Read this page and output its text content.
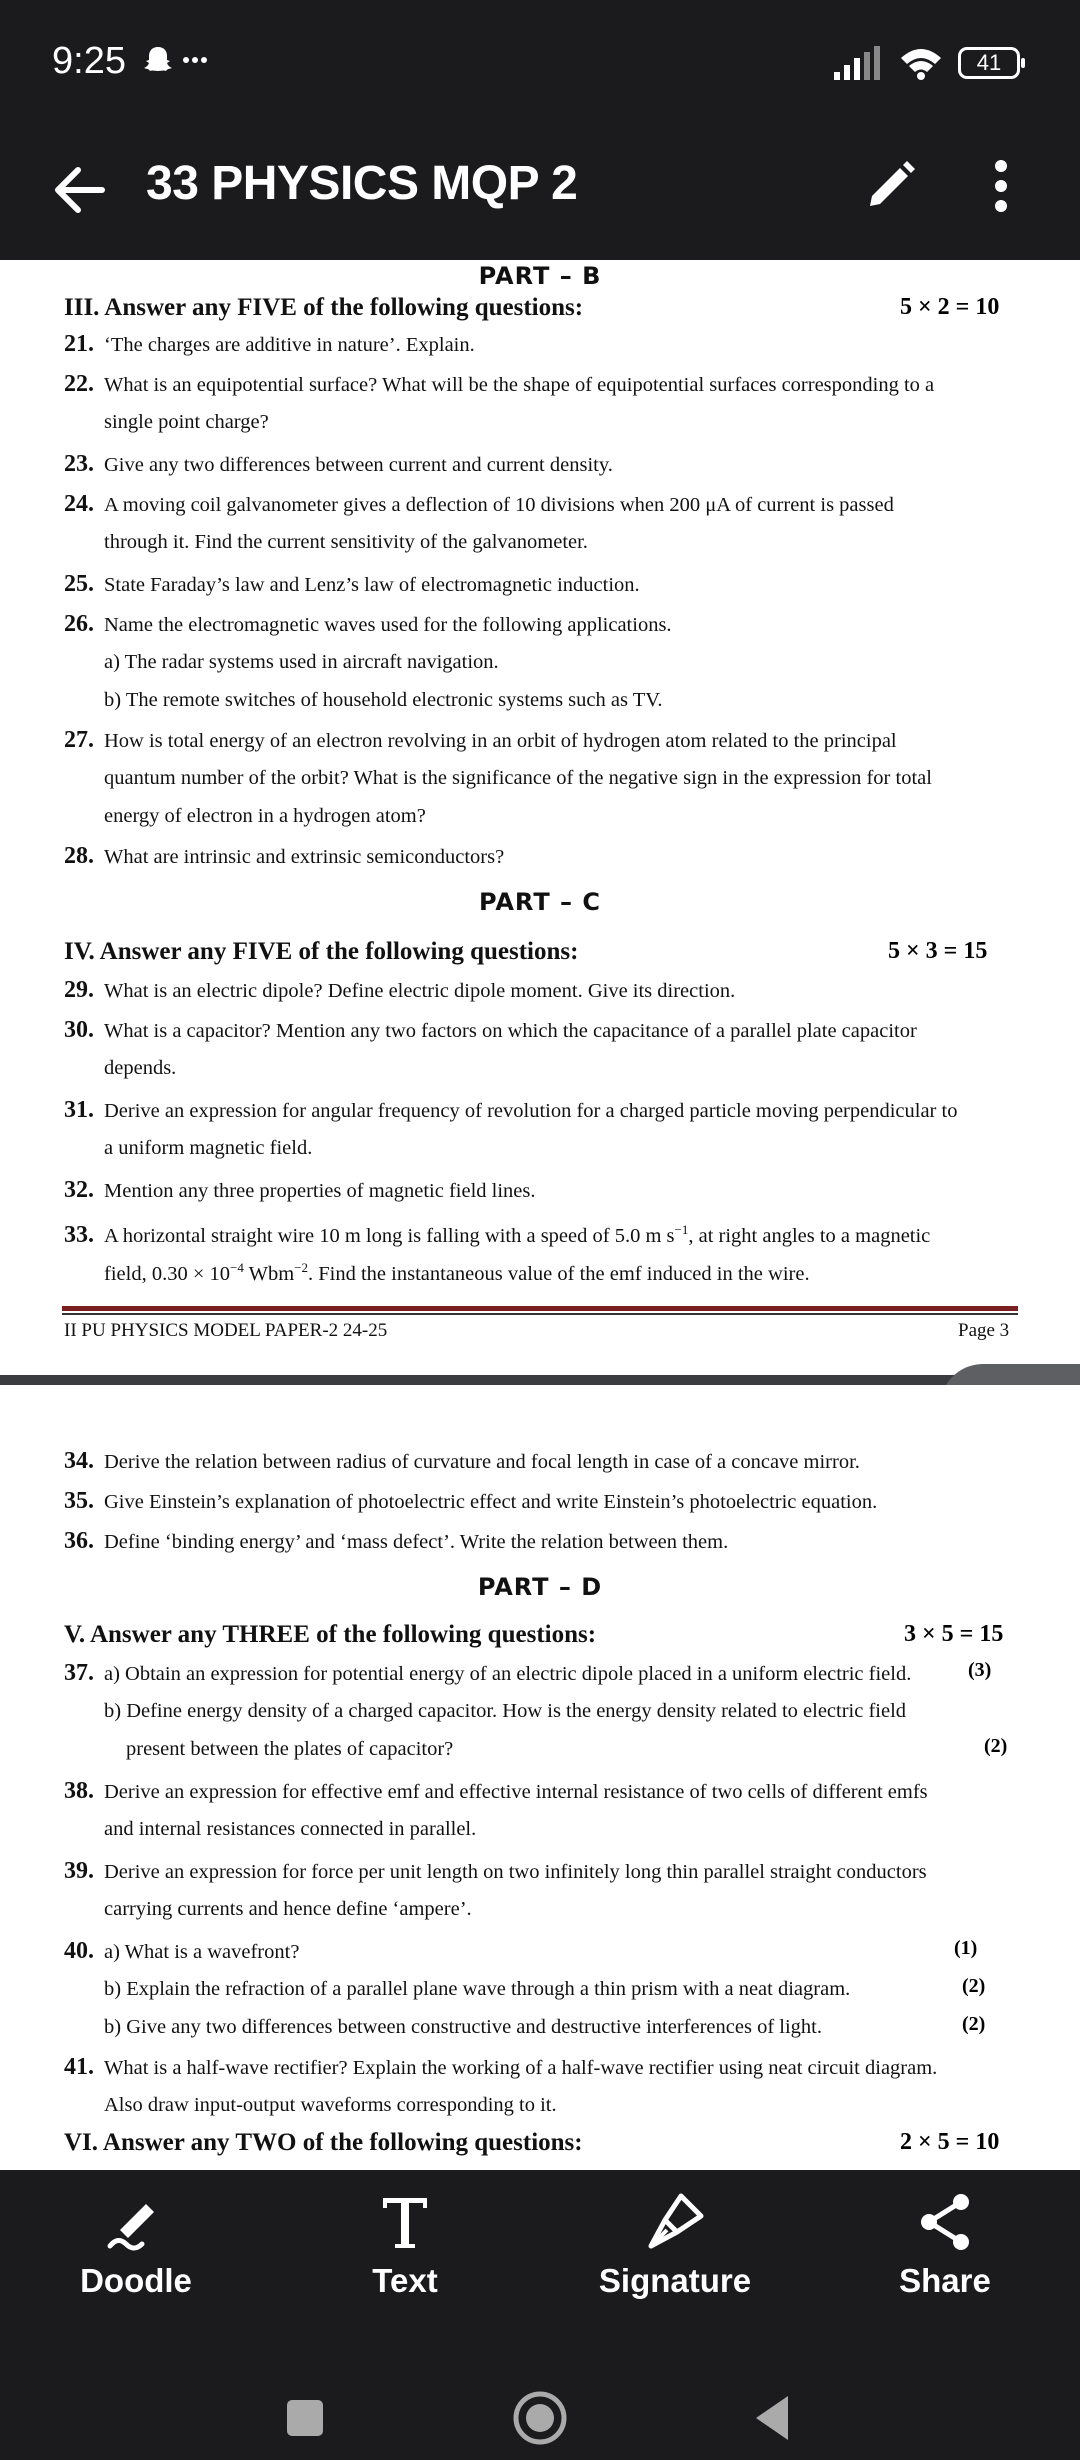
9:25	41
33 PHYSICS MQP 2
PART – B
III. Answer any FIVE of the following questions:	5 × 2 = 10
21. ‘The charges are additive in nature’. Explain.
22. What is an equipotential surface? What will be the shape of equipotential surfaces corresponding to a
single point charge?
23. Give any two differences between current and current density.
24. A moving coil galvanometer gives a deflection of 10 divisions when 200 μA of current is passed
through it. Find the current sensitivity of the galvanometer.
25. State Faraday’s law and Lenz’s law of electromagnetic induction.
26. Name the electromagnetic waves used for the following applications.
a) The radar systems used in aircraft navigation.
b) The remote switches of household electronic systems such as TV.
27. How is total energy of an electron revolving in an orbit of hydrogen atom related to the principal
quantum number of the orbit? What is the significance of the negative sign in the expression for total
energy of electron in a hydrogen atom?
28. What are intrinsic and extrinsic semiconductors?
PART – C
IV. Answer any FIVE of the following questions:	5 × 3 = 15
29. What is an electric dipole? Define electric dipole moment. Give its direction.
30. What is a capacitor? Mention any two factors on which the capacitance of a parallel plate capacitor
depends.
31. Derive an expression for angular frequency of revolution for a charged particle moving perpendicular to
a uniform magnetic field.
32. Mention any three properties of magnetic field lines.
33. A horizontal straight wire 10 m long is falling with a speed of 5.0 m $s^{-1}$, at right angles to a magnetic
field, $0.30 \times 10^{-4}$ Wbm$^{-2}$. Find the instantaneous value of the emf induced in the wire.
II PU PHYSICS MODEL PAPER-2 24-25	Page 3
34. Derive the relation between radius of curvature and focal length in case of a concave mirror.
35. Give Einstein’s explanation of photoelectric effect and write Einstein’s photoelectric equation.
36. Define ‘binding energy’ and ‘mass defect’. Write the relation between them.
PART – D
V. Answer any THREE of the following questions:	3 × 5 = 15
37. a) Obtain an expression for potential energy of an electric dipole placed in a uniform electric field.	(3)
b) Define energy density of a charged capacitor. How is the energy density related to electric field
present between the plates of capacitor?	(2)
38. Derive an expression for effective emf and effective internal resistance of two cells of different emfs
and internal resistances connected in parallel.
39. Derive an expression for force per unit length on two infinitely long thin parallel straight conductors
carrying currents and hence define ‘ampere’.
40. a) What is a wavefront?	(1)
b) Explain the refraction of a parallel plane wave through a thin prism with a neat diagram.	(2)
b) Give any two differences between constructive and destructive interferences of light.	(2)
41. What is a half-wave rectifier? Explain the working of a half-wave rectifier using neat circuit diagram.
Also draw input-output waveforms corresponding to it.
VI. Answer any TWO of the following questions:	2 × 5 = 10
Doodle	Text	Signature	Share
